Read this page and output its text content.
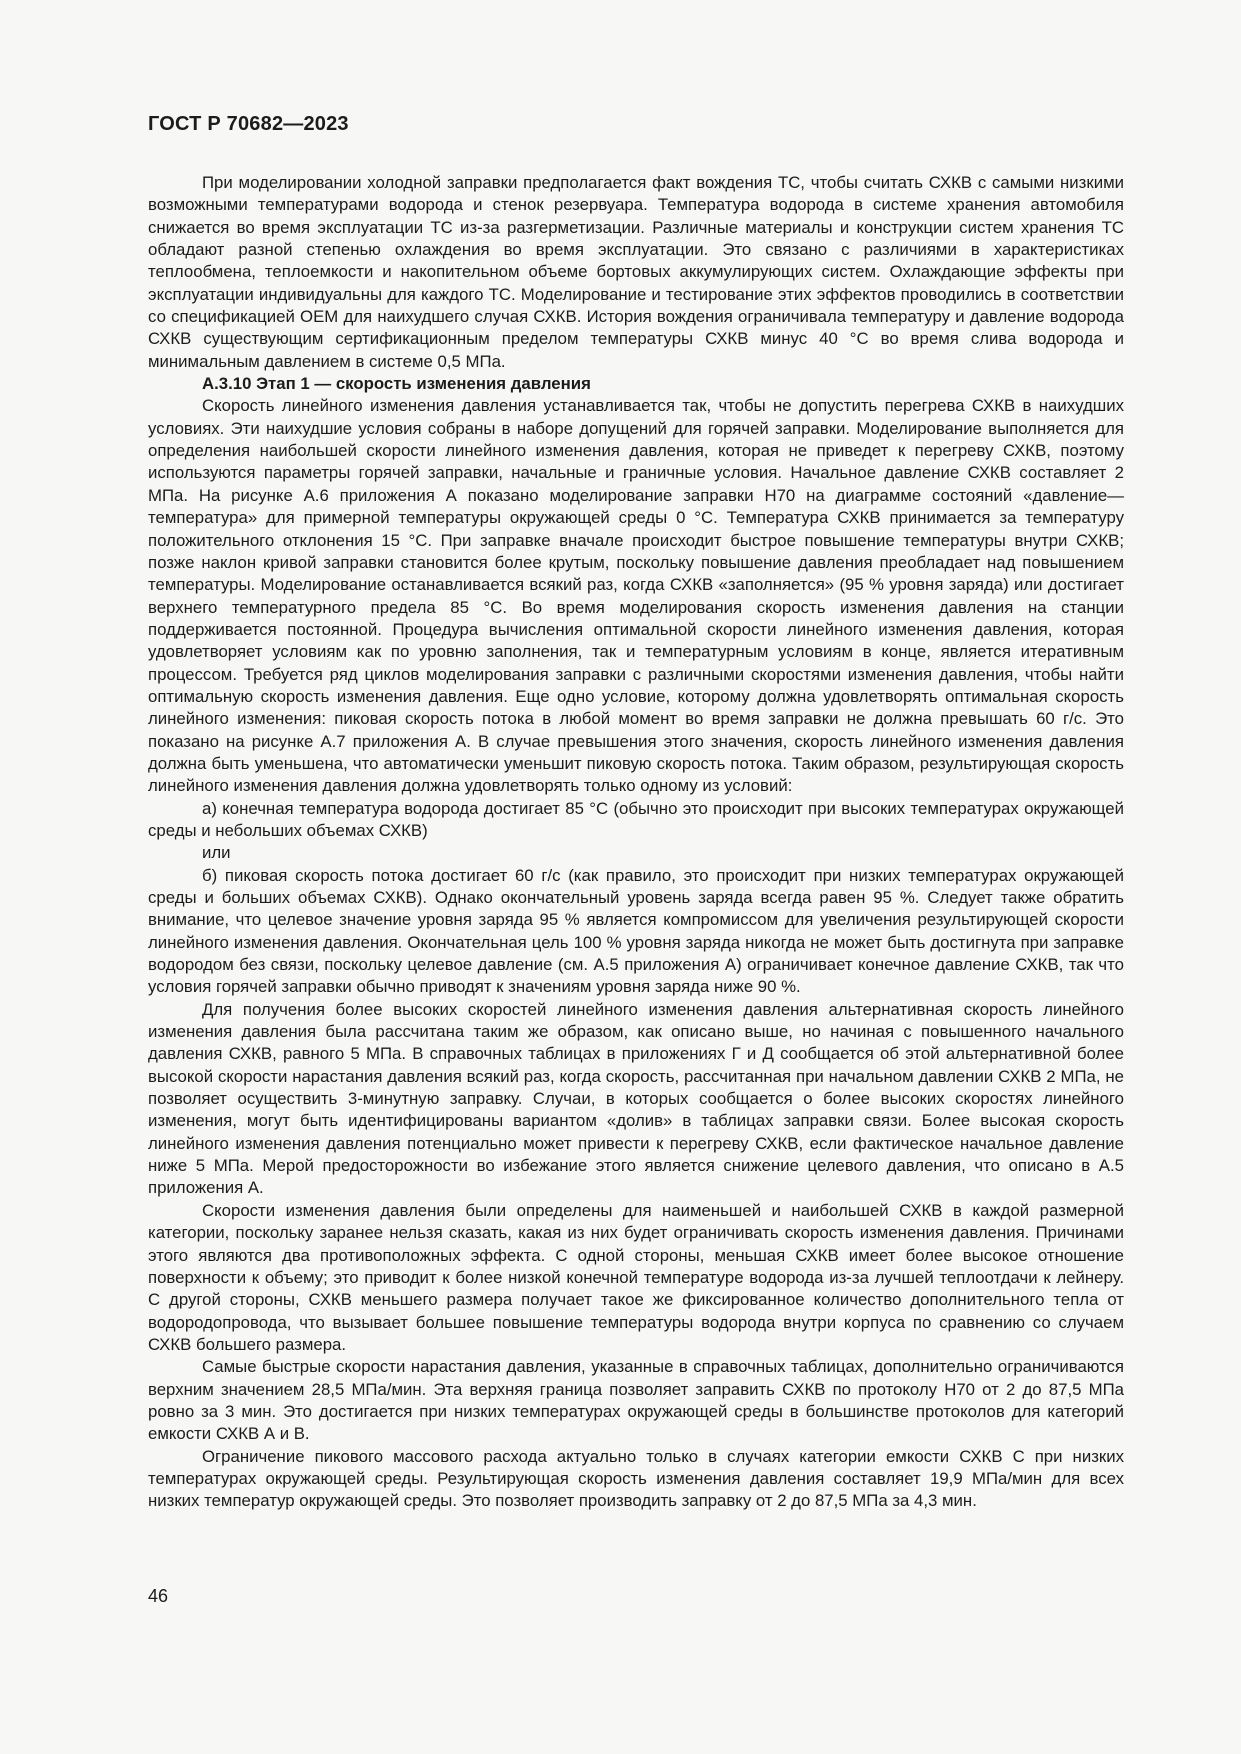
ГОСТ Р 70682—2023

При моделировании холодной заправки предполагается факт вождения ТС, чтобы считать СХКВ с самыми низкими возможными температурами водорода и стенок резервуара. Температура водорода в системе хранения автомобиля снижается во время эксплуатации ТС из-за разгерметизации. Различные материалы и конструкции систем хранения ТС обладают разной степенью охлаждения во время эксплуатации. Это связано с различиями в характеристиках теплообмена, теплоемкости и накопительном объеме бортовых аккумулирующих систем. Охлаждающие эффекты при эксплуатации индивидуальны для каждого ТС. Моделирование и тестирование этих эффектов проводились в соответствии со спецификацией OEM для наихудшего случая СХКВ. История вождения ограничивала температуру и давление водорода СХКВ существующим сертификационным пределом температуры СХКВ минус 40 °С во время слива водорода и минимальным давлением в системе 0,5 МПа.

А.3.10 Этап 1 — скорость изменения давления

Скорость линейного изменения давления устанавливается так, чтобы не допустить перегрева СХКВ в наихудших условиях. Эти наихудшие условия собраны в наборе допущений для горячей заправки. Моделирование выполняется для определения наибольшей скорости линейного изменения давления, которая не приведет к перегреву СХКВ, поэтому используются параметры горячей заправки, начальные и граничные условия. Начальное давление СХКВ составляет 2 МПа. На рисунке А.6 приложения А показано моделирование заправки Н70 на диаграмме состояний «давление—температура» для примерной температуры окружающей среды 0 °С. Температура СХКВ принимается за температуру положительного отклонения 15 °С. При заправке вначале происходит быстрое повышение температуры внутри СХКВ; позже наклон кривой заправки становится более крутым, поскольку повышение давления преобладает над повышением температуры. Моделирование останавливается всякий раз, когда СХКВ «заполняется» (95 % уровня заряда) или достигает верхнего температурного предела 85 °С. Во время моделирования скорость изменения давления на станции поддерживается постоянной. Процедура вычисления оптимальной скорости линейного изменения давления, которая удовлетворяет условиям как по уровню заполнения, так и температурным условиям в конце, является итеративным процессом. Требуется ряд циклов моделирования заправки с различными скоростями изменения давления, чтобы найти оптимальную скорость изменения давления. Еще одно условие, которому должна удовлетворять оптимальная скорость линейного изменения: пиковая скорость потока в любой момент во время заправки не должна превышать 60 г/с. Это показано на рисунке А.7 приложения А. В случае превышения этого значения, скорость линейного изменения давления должна быть уменьшена, что автоматически уменьшит пиковую скорость потока. Таким образом, результирующая скорость линейного изменения давления должна удовлетворять только одному из условий:

а) конечная температура водорода достигает 85 °С (обычно это происходит при высоких температурах окружающей среды и небольших объемах СХКВ)

или

б) пиковая скорость потока достигает 60 г/с (как правило, это происходит при низких температурах окружающей среды и больших объемах СХКВ). Однако окончательный уровень заряда всегда равен 95 %. Следует также обратить внимание, что целевое значение уровня заряда 95 % является компромиссом для увеличения результирующей скорости линейного изменения давления. Окончательная цель 100 % уровня заряда никогда не может быть достигнута при заправке водородом без связи, поскольку целевое давление (см. А.5 приложения А) ограничивает конечное давление СХКВ, так что условия горячей заправки обычно приводят к значениям уровня заряда ниже 90 %.

Для получения более высоких скоростей линейного изменения давления альтернативная скорость линейного изменения давления была рассчитана таким же образом, как описано выше, но начиная с повышенного начального давления СХКВ, равного 5 МПа. В справочных таблицах в приложениях Г и Д сообщается об этой альтернативной более высокой скорости нарастания давления всякий раз, когда скорость, рассчитанная при начальном давлении СХКВ 2 МПа, не позволяет осуществить 3-минутную заправку. Случаи, в которых сообщается о более высоких скоростях линейного изменения, могут быть идентифицированы вариантом «долив» в таблицах заправки связи. Более высокая скорость линейного изменения давления потенциально может привести к перегреву СХКВ, если фактическое начальное давление ниже 5 МПа. Мерой предосторожности во избежание этого является снижение целевого давления, что описано в А.5 приложения А.

Скорости изменения давления были определены для наименьшей и наибольшей СХКВ в каждой размерной категории, поскольку заранее нельзя сказать, какая из них будет ограничивать скорость изменения давления. Причинами этого являются два противоположных эффекта. С одной стороны, меньшая СХКВ имеет более высокое отношение поверхности к объему; это приводит к более низкой конечной температуре водорода из-за лучшей теплоотдачи к лейнеру. С другой стороны, СХКВ меньшего размера получает такое же фиксированное количество дополнительного тепла от водородопровода, что вызывает большее повышение температуры водорода внутри корпуса по сравнению со случаем СХКВ большего размера.

Самые быстрые скорости нарастания давления, указанные в справочных таблицах, дополнительно ограничиваются верхним значением 28,5 МПа/мин. Эта верхняя граница позволяет заправить СХКВ по протоколу Н70 от 2 до 87,5 МПа ровно за 3 мин. Это достигается при низких температурах окружающей среды в большинстве протоколов для категорий емкости СХКВ А и В.

Ограничение пикового массового расхода актуально только в случаях категории емкости СХКВ С при низких температурах окружающей среды. Результирующая скорость изменения давления составляет 19,9 МПа/мин для всех низких температур окружающей среды. Это позволяет производить заправку от 2 до 87,5 МПа за 4,3 мин.

46
